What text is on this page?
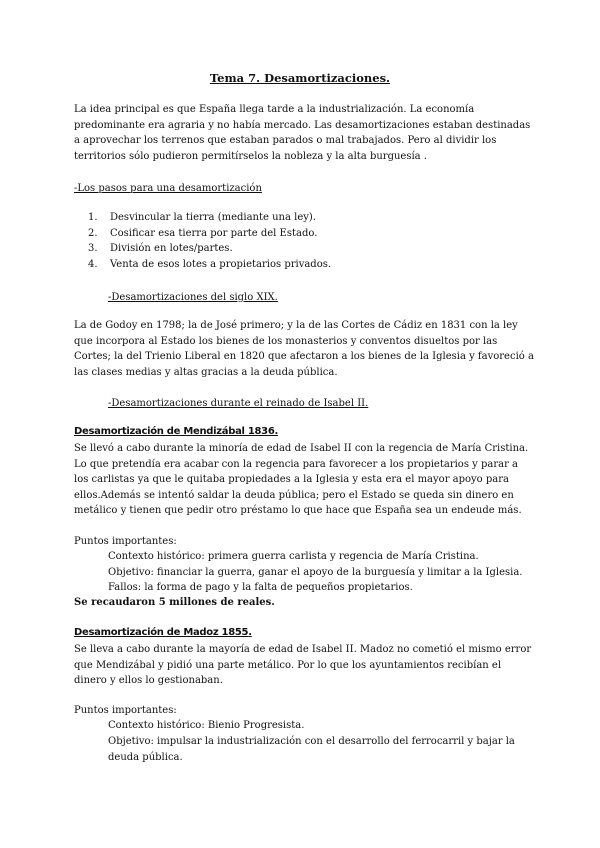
Tema 7. Desamortizaciones.

La idea principal es que España llega tarde a la industrialización. La economía predominante era agraria y no había mercado. Las desamortizaciones estaban destinadas a aprovechar los terrenos que estaban parados o mal trabajados. Pero al dividir los territorios sólo pudieron permitírselos la nobleza y la alta burguesía .

-Los pasos para una desamortización
1. Desvincular la tierra (mediante una ley).
2. Cosificar esa tierra por parte del Estado.
3. División en lotes/partes.
4. Venta de esos lotes a propietarios privados.
-Desamortizaciones del siglo XIX.

La de Godoy en 1798; la de José primero; y la de las Cortes de Cádiz en 1831 con la ley que incorpora al Estado los bienes de los monasterios y conventos disueltos por las Cortes; la del Trienio Liberal en 1820 que afectaron a los bienes de la Iglesia y favoreció a las clases medias y altas gracias a la deuda pública.

-Desamortizaciones durante el reinado de Isabel II.
Desamortización de Mendizábal 1836.

Se llevó a cabo durante la minoría de edad de Isabel II con la regencia de María Cristina. Lo que pretendía era acabar con la regencia para favorecer a los propietarios y parar a los carlistas ya que le quitaba propiedades a la Iglesia y esta era el mayor apoyo para ellos.Además se intentó saldar la deuda pública; pero el Estado se queda sin dinero en metálico y tienen que pedir otro préstamo lo que hace que España sea un endeude más.

Puntos importantes:
Contexto histórico: primera guerra carlista y regencia de María Cristina.
Objetivo: financiar la guerra, ganar el apoyo de la burguesía y limitar a la Iglesia.
Fallos: la forma de pago y la falta de pequeños propietarios.
Se recaudaron 5 millones de reales.
Desamortización de Madoz 1855.

Se lleva a cabo durante la mayoría de edad de Isabel II. Madoz no cometió el mismo error que Mendizábal y pidió una parte metálico. Por lo que los ayuntamientos recibían el dinero y ellos lo gestionaban.

Puntos importantes:
Contexto histórico: Bienio Progresista.
Objetivo: impulsar la industrialización con el desarrollo del ferrocarril y bajar la deuda pública.
